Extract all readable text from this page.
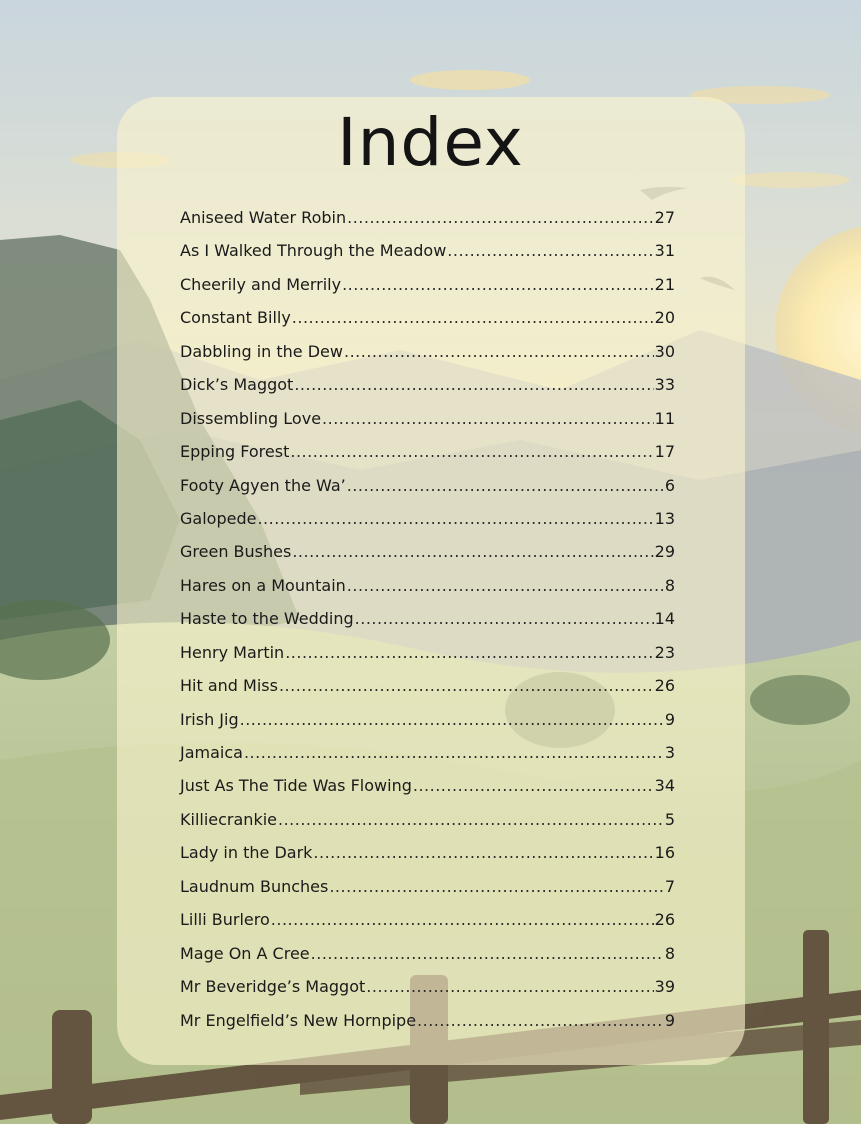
Index
Aniseed Water Robin .....	27
As I Walked Through the Meadow .....	31
Cheerily and Merrily .....	21
Constant Billy .....	20
Dabbling in the Dew .....	30
Dick’s Maggot .....	33
Dissembling Love .....	11
Epping Forest .....	17
Footy Agyen the Wa’ .....	6
Galopede .....	13
Green Bushes .....	29
Hares on a Mountain .....	8
Haste to the Wedding .....	14
Henry Martin .....	23
Hit and Miss .....	26
Irish Jig .....	9
Jamaica .....	3
Just As The Tide Was Flowing .....	34
Killiecrankie .....	5
Lady in the Dark .....	16
Laudnum Bunches .....	7
Lilli Burlero .....	26
Mage On A Cree .....	8
Mr Beveridge’s Maggot .....	39
Mr Engelfield’s New Hornpipe .....	9
